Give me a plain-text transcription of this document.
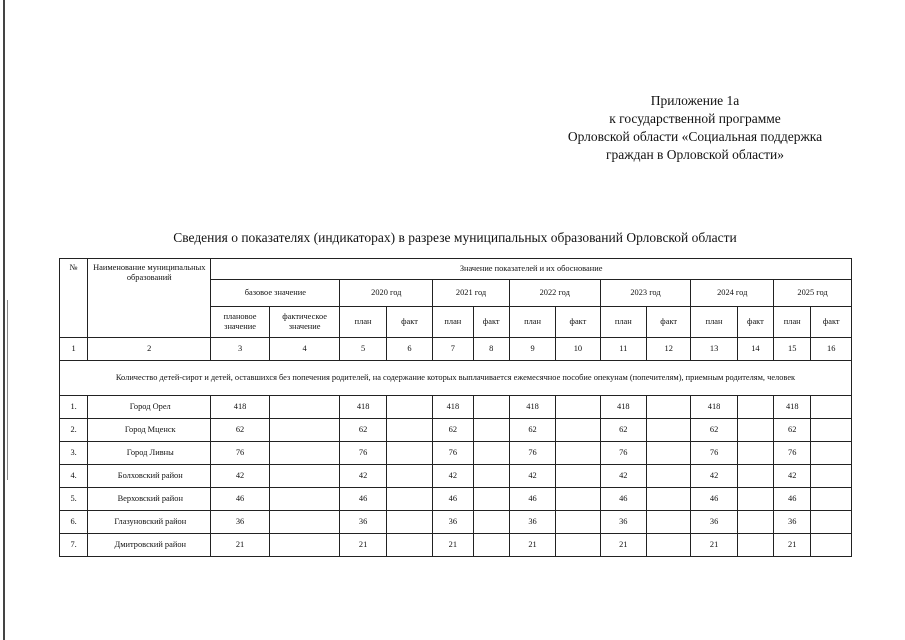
Приложение 1а
к государственной программе
Орловской области «Социальная поддержка
граждан в Орловской области»
Сведения о показателях (индикаторах) в разрезе муниципальных образований Орловской области
№	Наименование муниципальных образований	Значение показателей и их обоснование													
		базовое значение		2020 год		2021 год		2022 год		2023 год		2024 год		2025 год	
		плановое значение	фактическое значение	план	факт	план	факт	план	факт	план	факт	план	факт	план	факт
1	2	3	4	5	6	7	8	9	10	11	12	13	14	15	16
Количество детей-сирот и детей, оставшихся без попечения родителей, на содержание которых выплачивается ежемесячное пособие опекунам (попечителям), приемным родителям, человек															
1.	Город Орел	418		418		418		418		418		418		418	
2.	Город Мценск	62		62		62		62		62		62		62	
3.	Город Ливны	76		76		76		76		76		76		76	
4.	Болховский район	42		42		42		42		42		42		42	
5.	Верховский район	46		46		46		46		46		46		46	
6.	Глазуновский район	36		36		36		36		36		36		36	
7.	Дмитровский район	21		21		21		21		21		21		21	
